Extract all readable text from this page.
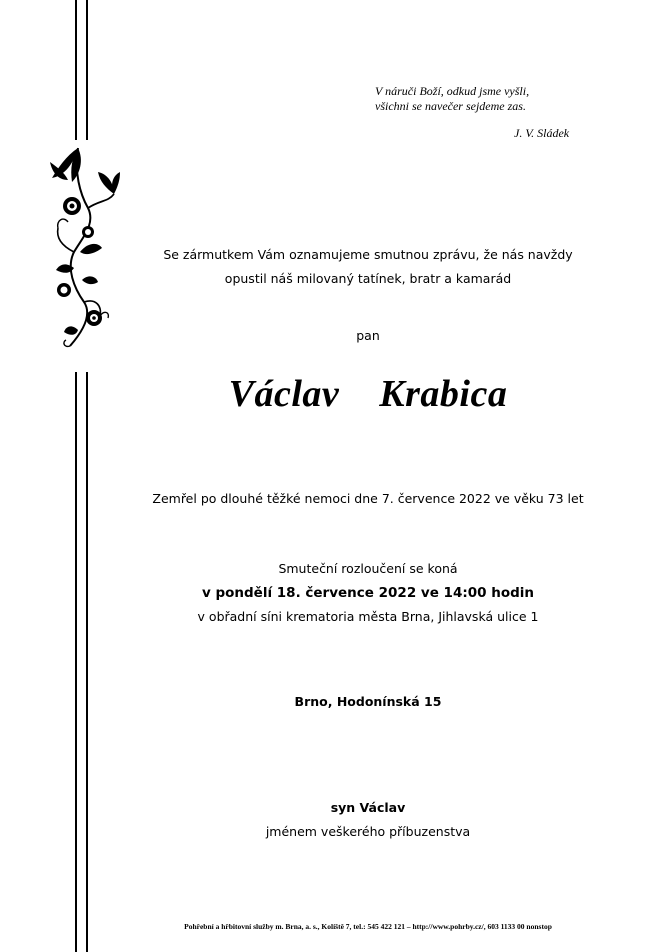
V náruči Boží, odkud jsme vyšli,
všichni se navečer sejdeme zas.
J. V. Sládek
Se zármutkem Vám oznamujeme smutnou zprávu, že nás navždy
opustil náš milovaný tatínek, bratr a kamarád
pan
Václav  Krabica
Zemřel po dlouhé těžké nemoci dne 7. července 2022 ve věku 73 let
Smuteční rozloučení se koná
v pondělí 18. července 2022 ve 14:00 hodin
v obřadní síni krematoria města Brna, Jihlavská ulice 1
Brno, Hodonínská 15
syn Václav
jménem veškerého příbuzenstva
Pohřební a hřbitovní služby m. Brna, a. s., Kolíště 7, tel.: 545 422 121 – http://www.pohrby.cz/, 603 1133 00 nonstop
